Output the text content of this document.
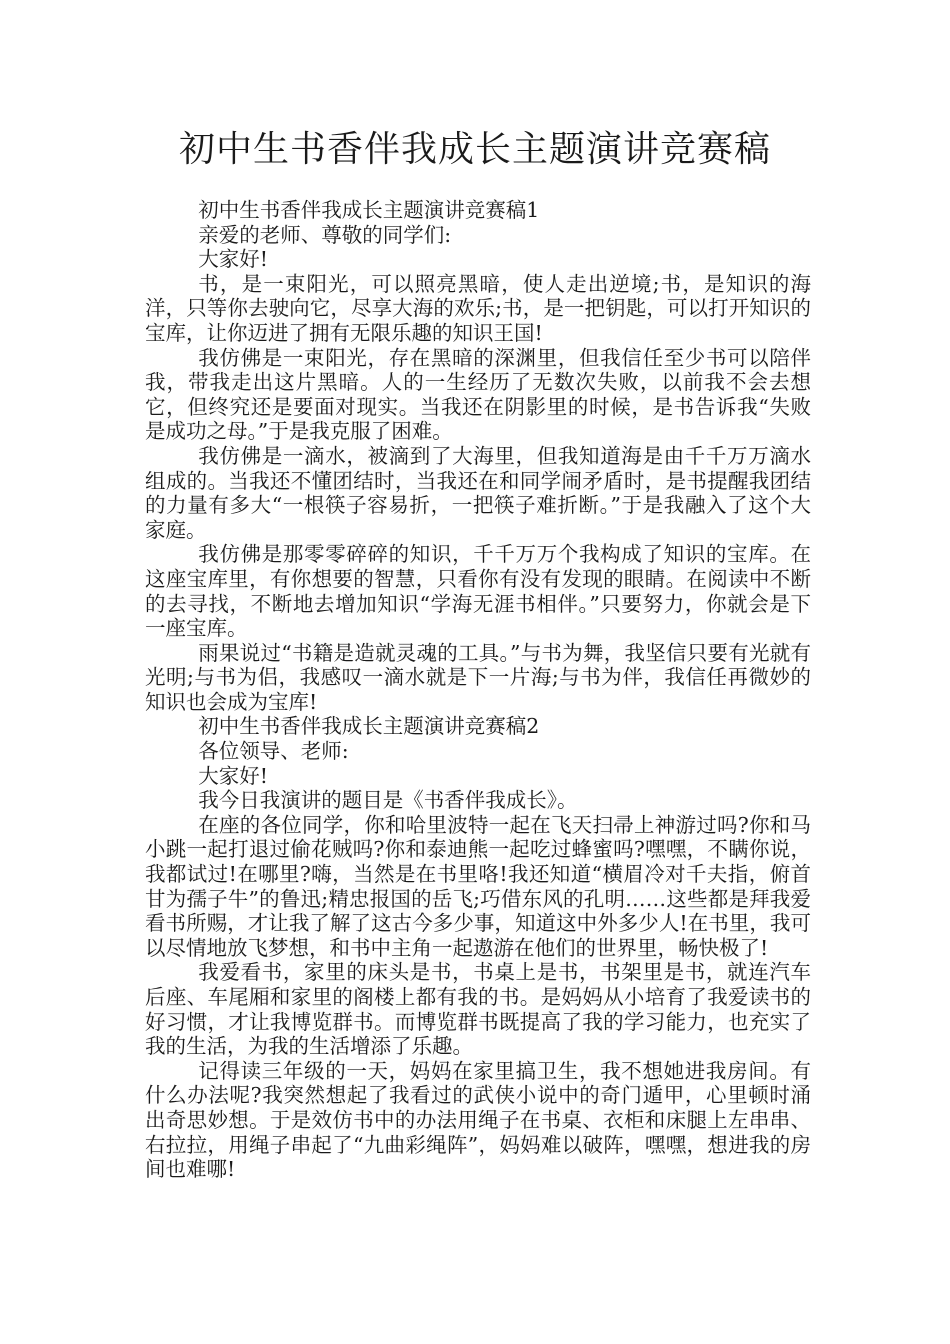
初中生书香伴我成长主题演讲竞赛稿

初中生书香伴我成长主题演讲竞赛稿1

亲爱的老师、尊敬的同学们:

大家好!

书，是一束阳光，可以照亮黑暗，使人走出逆境;书，是知识的海洋，只等你去驶向它，尽享大海的欢乐;书，是一把钥匙，可以打开知识的宝库，让你迈进了拥有无限乐趣的知识王国!

我仿佛是一束阳光，存在黑暗的深渊里，但我信任至少书可以陪伴我，带我走出这片黑暗。人的一生经历了无数次失败，以前我不会去想它，但终究还是要面对现实。当我还在阴影里的时候，是书告诉我“失败是成功之母。”于是我克服了困难。

我仿佛是一滴水，被滴到了大海里，但我知道海是由千千万万滴水组成的。当我还不懂团结时，当我还在和同学闹矛盾时，是书提醒我团结的力量有多大“一根筷子容易折，一把筷子难折断。”于是我融入了这个大家庭。

我仿佛是那零零碎碎的知识，千千万万个我构成了知识的宝库。在这座宝库里，有你想要的智慧，只看你有没有发现的眼睛。在阅读中不断的去寻找，不断地去增加知识“学海无涯书相伴。”只要努力，你就会是下一座宝库。

雨果说过“书籍是造就灵魂的工具。”与书为舞，我坚信只要有光就有光明;与书为侣，我感叹一滴水就是下一片海;与书为伴，我信任再微妙的知识也会成为宝库!

初中生书香伴我成长主题演讲竞赛稿2

各位领导、老师:

大家好!

我今日我演讲的题目是《书香伴我成长》。

在座的各位同学，你和哈里波特一起在飞天扫帚上神游过吗?你和马小跳一起打退过偷花贼吗?你和泰迪熊一起吃过蜂蜜吗?嘿嘿，不瞒你说，我都试过!在哪里?嗨，当然是在书里咯!我还知道“横眉冷对千夫指，俯首甘为孺子牛”的鲁迅;精忠报国的岳飞;巧借东风的孔明……这些都是拜我爱看书所赐，才让我了解了这古今多少事，知道这中外多少人!在书里，我可以尽情地放飞梦想，和书中主角一起遨游在他们的世界里，畅快极了!

我爱看书，家里的床头是书，书桌上是书，书架里是书，就连汽车后座、车尾厢和家里的阁楼上都有我的书。是妈妈从小培育了我爱读书的好习惯，才让我博览群书。而博览群书既提高了我的学习能力，也充实了我的生活，为我的生活增添了乐趣。

记得读三年级的一天，妈妈在家里搞卫生，我不想她进我房间。有什么办法呢?我突然想起了我看过的武侠小说中的奇门遁甲，心里顿时涌出奇思妙想。于是效仿书中的办法用绳子在书桌、衣柜和床腿上左串串、右拉拉，用绳子串起了“九曲彩绳阵”，妈妈难以破阵，嘿嘿，想进我的房间也难哪!
